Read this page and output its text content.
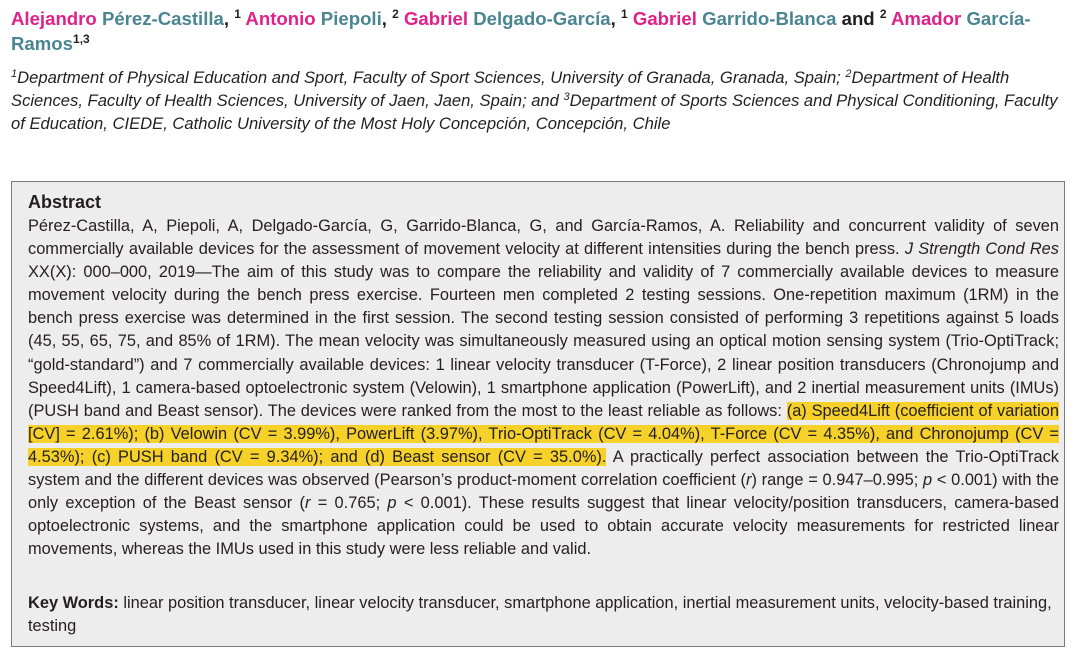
Alejandro Pérez-Castilla, $^1$ Antonio Piepoli, $^2$ Gabriel Delgado-García, $^1$ Gabriel Garrido-Blanca and $^2$ Amador García-Ramos$^{1,3}$
$^1$Department of Physical Education and Sport, Faculty of Sport Sciences, University of Granada, Granada, Spain; $^2$Department of Health Sciences, Faculty of Health Sciences, University of Jaen, Jaen, Spain; and $^3$Department of Sports Sciences and Physical Conditioning, Faculty of Education, CIEDE, Catholic University of the Most Holy Concepción, Concepción, Chile
Abstract
Pérez-Castilla, A, Piepoli, A, Delgado-García, G, Garrido-Blanca, G, and García-Ramos, A. Reliability and concurrent validity of seven commercially available devices for the assessment of movement velocity at different intensities during the bench press. J Strength Cond Res XX(X): 000–000, 2019—The aim of this study was to compare the reliability and validity of 7 commercially available devices to measure movement velocity during the bench press exercise. Fourteen men completed 2 testing sessions. One-repetition maximum (1RM) in the bench press exercise was determined in the first session. The second testing session consisted of performing 3 repetitions against 5 loads (45, 55, 65, 75, and 85% of 1RM). The mean velocity was simultaneously measured using an optical motion sensing system (Trio-OptiTrack; “gold-standard”) and 7 commercially available devices: 1 linear velocity transducer (T-Force), 2 linear position transducers (Chronojump and Speed4Lift), 1 camera-based optoelectronic system (Velowin), 1 smartphone application (PowerLift), and 2 inertial measurement units (IMUs) (PUSH band and Beast sensor). The devices were ranked from the most to the least reliable as follows: (a) Speed4Lift (coefficient of variation [CV] = 2.61%); (b) Velowin (CV = 3.99%), PowerLift (3.97%), Trio-OptiTrack (CV = 4.04%), T-Force (CV = 4.35%), and Chronojump (CV = 4.53%); (c) PUSH band (CV = 9.34%); and (d) Beast sensor (CV = 35.0%). A practically perfect association between the Trio-OptiTrack system and the different devices was observed (Pearson’s product-moment correlation coefficient (r) range = 0.947–0.995; p < 0.001) with the only exception of the Beast sensor (r = 0.765; p < 0.001). These results suggest that linear velocity/position transducers, camera-based optoelectronic systems, and the smartphone application could be used to obtain accurate velocity measurements for restricted linear movements, whereas the IMUs used in this study were less reliable and valid.
Key Words: linear position transducer, linear velocity transducer, smartphone application, inertial measurement units, velocity-based training, testing
